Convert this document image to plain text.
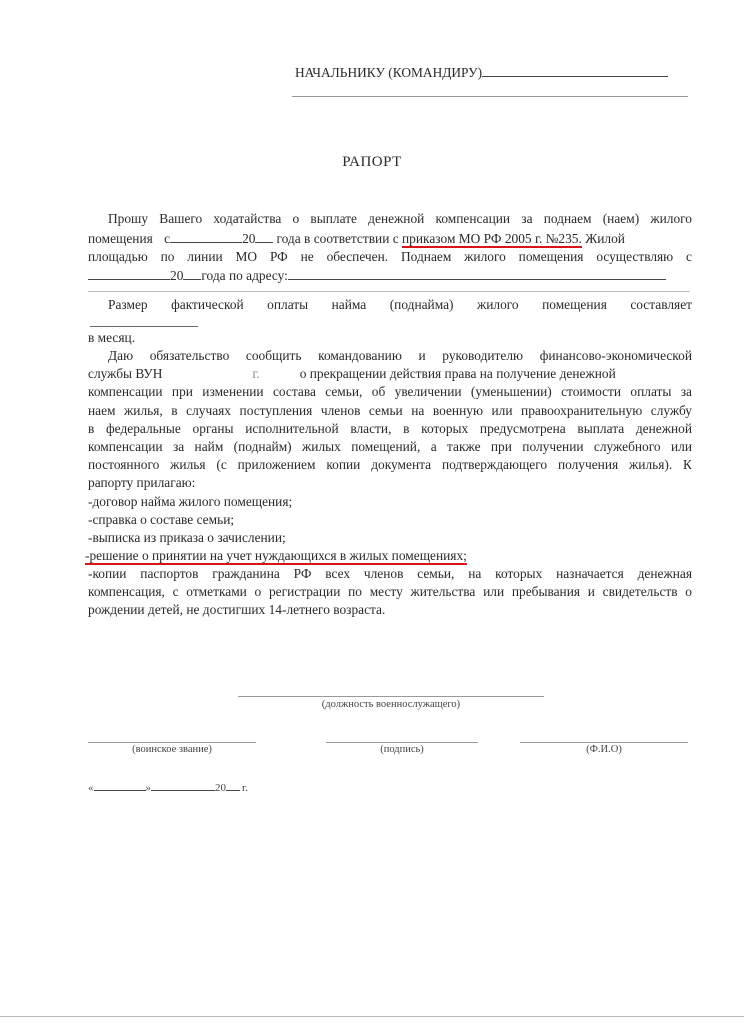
НАЧАЛЬНИКУ (КОМАНДИРУ)
РАПОРТ
Прошу Вашего ходатайства о выплате денежной компенсации за поднаем (наем) жилого
помещения с	20 года в соответствии с приказом МО РФ 2005 г. №235. Жилой
площадью по линии МО РФ не обеспечен. Поднаем жилого помещения осуществляю с
20 года по адресу:
Размер фактической оплаты найма (поднайма) жилого помещения составляет
в месяц.
Даю обязательство сообщить командованию и руководителю финансово-экономической
службы ВУН	г.	о прекращении действия права на получение денежной
компенсации при изменении состава семьи, об увеличении (уменьшении) стоимости оплаты за
наем жилья, в случаях поступления членов семьи на военную или правоохранительную службу
в федеральные органы исполнительной власти, в которых предусмотрена выплата денежной
компенсации за найм (поднайм) жилых помещений, а также при получении служебного или
постоянного жилья (с приложением копии документа подтверждающего получения жилья). К
рапорту прилагаю:
-договор найма жилого помещения;
-справка о составе семьи;
-выписка из приказа о зачислении;
-решение о принятии на учет нуждающихся в жилых помещениях;
-копии паспортов гражданина РФ всех членов семьи, на которых назначается денежная
компенсация, с отметками о регистрации по месту жительства или пребывания и свидетельств о
рождении детей, не достигших 14-летнего возраста.
(должность военнослужащего)
(воинское звание)	(подпись)	(Ф.И.О)
«	»	20 г.
